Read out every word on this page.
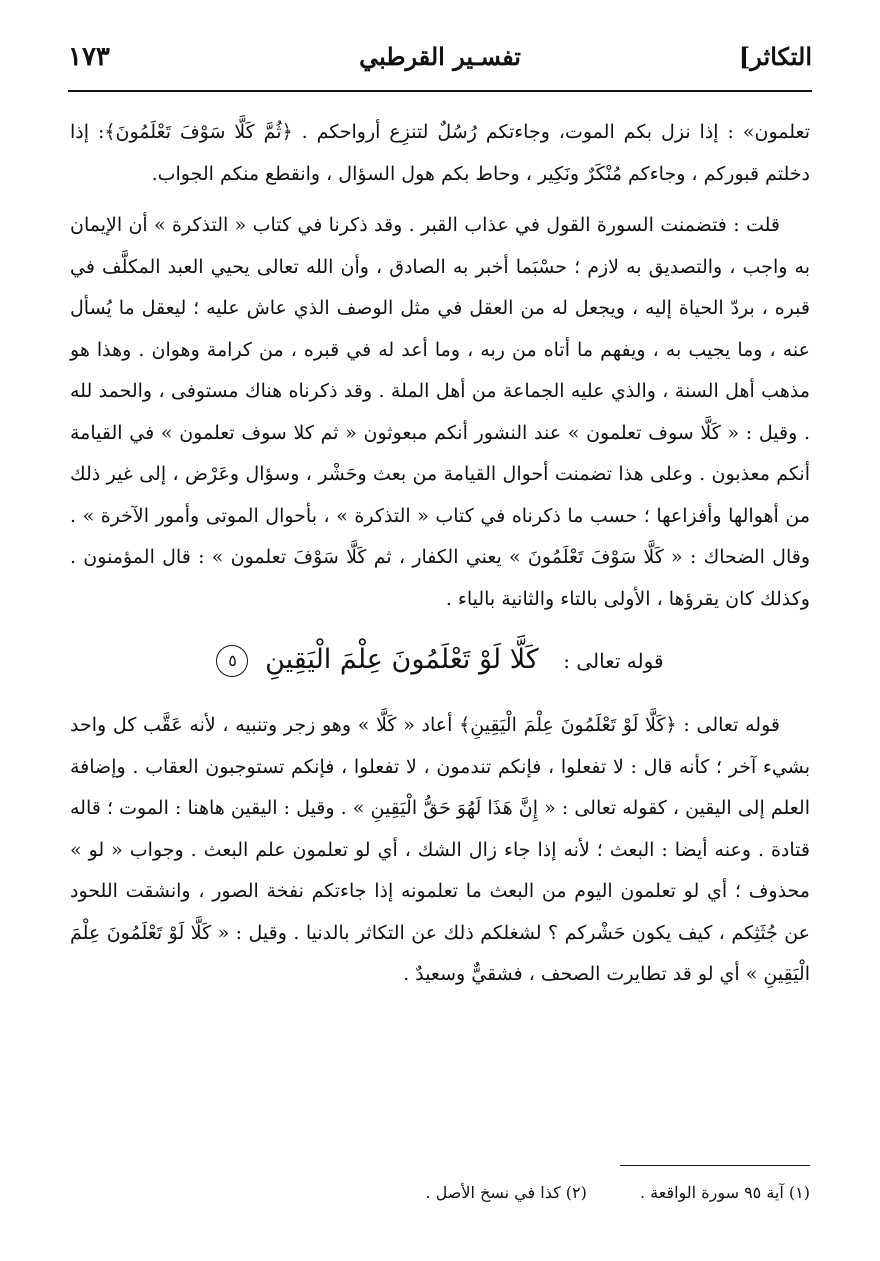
التكاثر]
تفسـير القرطبي
١٧٣

تعلمون» : إذا نزل بكم الموت، وجاءتكم رُسُلٌ لتنزِع أرواحكم . ﴿ثُمَّ كَلَّا سَوْفَ تَعْلَمُونَ﴾: إذا دخلتم قبوركم ، وجاءكم مُنْكَرٌ ونَكِير ، وحاط بكم هول السؤال ، وانقطع منكم الجواب.

قلت : فتضمنت السورة القول في عذاب القبر . وقد ذكرنا في كتاب « التذكرة » أن الإيمان به واجب ، والتصديق به لازم ؛ حسْبَما أخبر به الصادق ، وأن الله تعالى يحيي العبد المكلَّف في قبره ، بردّ الحياة إليه ، ويجعل له من العقل في مثل الوصف الذي عاش عليه ؛ ليعقل ما يُسأل عنه ، وما يجيب به ، ويفهم ما أتاه من ربه ، وما أعد له في قبره ، من كرامة وهوان . وهذا هو مذهب أهل السنة ، والذي عليه الجماعة من أهل الملة . وقد ذكرناه هناك مستوفى ، والحمد لله . وقيل : « كَلَّا سوف تعلمون » عند النشور أنكم مبعوثون « ثم كلا سوف تعلمون » في القيامة أنكم معذبون . وعلى هذا تضمنت أحوال القيامة من بعث وحَشْر ، وسؤال وعَرْض ، إلى غير ذلك من أهوالها وأفزاعها ؛ حسب ما ذكرناه في كتاب « التذكرة » ، بأحوال الموتى وأمور الآخرة » . وقال الضحاك : « كَلَّا سَوْفَ تَعْلَمُونَ » يعني الكفار ، ثم كَلَّا سَوْفَ تعلمون » : قال المؤمنون . وكذلك كان يقرؤها ، الأولى بالتاء والثانية بالياء .

قوله تعالى : كَلَّا لَوْ تَعْلَمُونَ عِلْمَ الْيَقِينِ ٥

قوله تعالى : ﴿كَلَّا لَوْ تَعْلَمُونَ عِلْمَ الْيَقِينِ﴾ أعاد « كَلَّا » وهو زجر وتنبيه ، لأنه عَقَّب كل واحد بشيء آخر ؛ كأنه قال : لا تفعلوا ، فإنكم تندمون ، لا تفعلوا ، فإنكم تستوجبون العقاب . وإضافة العلم إلى اليقين ، كقوله تعالى : « إِنَّ هَذَا لَهُوَ حَقُّ الْيَقِينِ » . وقيل : اليقين هاهنا : الموت ؛ قاله قتادة . وعنه أيضا : البعث ؛ لأنه إذا جاء زال الشك ، أي لو تعلمون علم البعث . وجواب « لو » محذوف ؛ أي لو تعلمون اليوم من البعث ما تعلمونه إذا جاءتكم نفخة الصور ، وانشقت اللحود عن جُثَثِكم ، كيف يكون حَشْركم ؟ لشغلكم ذلك عن التكاثر بالدنيا . وقيل : « كَلَّا لَوْ تَعْلَمُونَ عِلْمَ الْيَقِينِ » أي لو قد تطايرت الصحف ، فشقيٌّ وسعيدٌ .

(١) آية ٩٥ سورة الواقعة . (٢) كذا في نسخ الأصل .
